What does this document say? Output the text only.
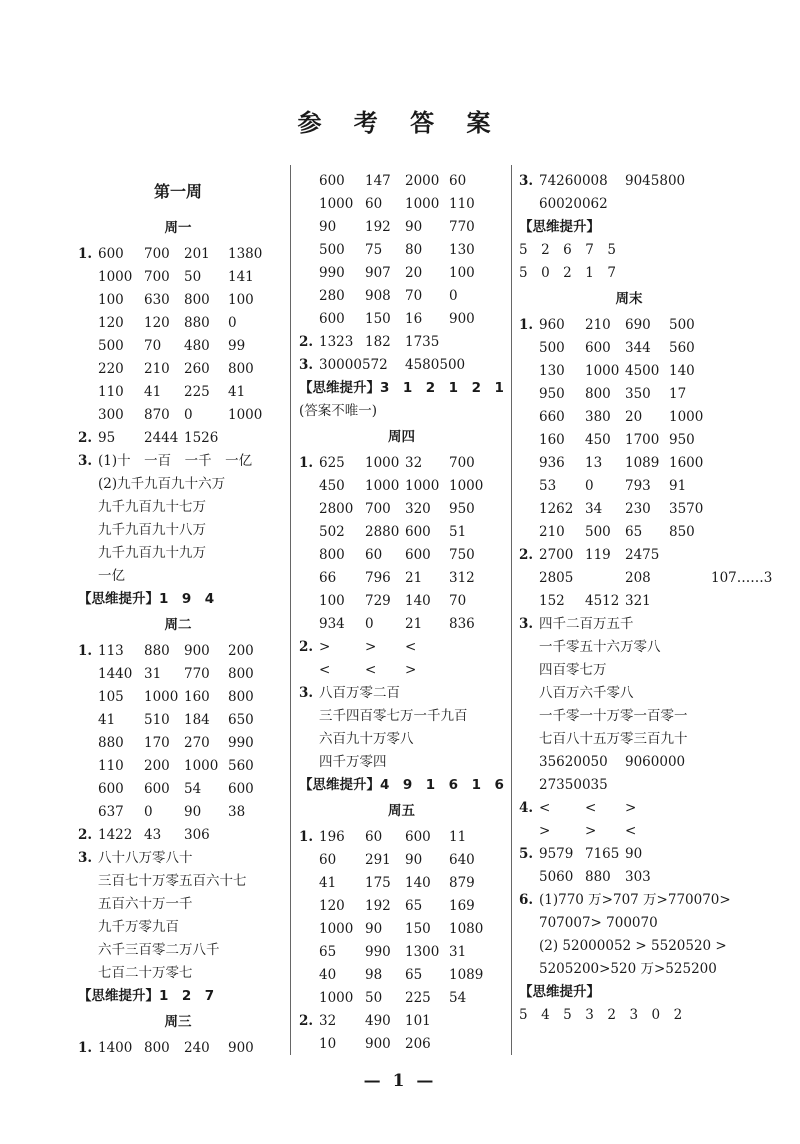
参 考 答 案
第一周
周一
1. 600 700 201 1380
1000 700 50 141
100 630 800 100
120 120 880 0
500 70 480 99
220 210 260 800
110 41 225 41
300 870 0	1000
2. 95 2444 1526
3. (1)十　一百　一千　一亿
(2)九千九百九十六万
九千九百九十七万
九千九百九十八万
九千九百九十九万
一亿
【思维提升】1　9　4
周二
1. 113 880 900 200
1440 31 770 800
105 1000 160 800
41 510 184 650
880 170 270 990
110 200 1000 560
600 600 54 600
637 0 90 38
2. 1422 43 306
3. 八十八万零八十
三百七十万零五百六十七
五百六十万一千
九千万零九百
六千三百零二万八千
七百二十万零七
【思维提升】1　2　7
周三
1. 1400 800 240 900
600 147 2000 60
1000 60 1000 110
90 192 90 770
500 75 80 130
990 907 20 100
280 908 70 0
600 150 16 900
2. 1323 182 1735
3. 30000572 4580500
【思维提升】3　1　2　1　2　1
(答案不唯一)
周四
1. 625 1000 32 700
450 1000 1000 1000
2800 700 320 950
502 2880 600 51
800 60 600 750
66 796 21 312
100 729 140 70
934 0 21 836
2. >	> <
<	< >
3. 八百万零二百
三千四百零七万一千九百
六百九十万零八
四千万零四
【思维提升】4　9　1　6　1　6
周五
1. 196 60 600 11
60 291 90 640
41 175 140 879
120 192 65 169
1000 90 150 1080
65 990 1300 31
40 98 65 1089
1000 50 225 54
2. 32 490 101
10 900 206
3. 74260008 9045800
60020062
【思维提升】
5　2　6　7　5
5　0　2　1　7
周末
1. 960 210 690 500
500 600 344 560
130 1000 4500 140
950 800 350 17
660 380 20 1000
160 450 1700 950
936 13 1089 1600
53 0 793 91
1262 34 230 3570
210 500 65 850
2. 2700 119 2475
2805	208	107……3
152 4512 321
3. 四千二百万五千
一千零五十六万零八
四百零七万
八百万六千零八
一千零一十万零一百零一
七百八十五万零三百九十
35620050 9060000
27350035
4. <	< >
>	> <
5. 9579 7165 90
5060 880 303
6. (1)770 万>707 万>770070>
707007> 700070
(2) 52000052 > 5520520 >
5205200>520 万>525200
【思维提升】
5　4　5　3　2　3　0　2
— 1 —
